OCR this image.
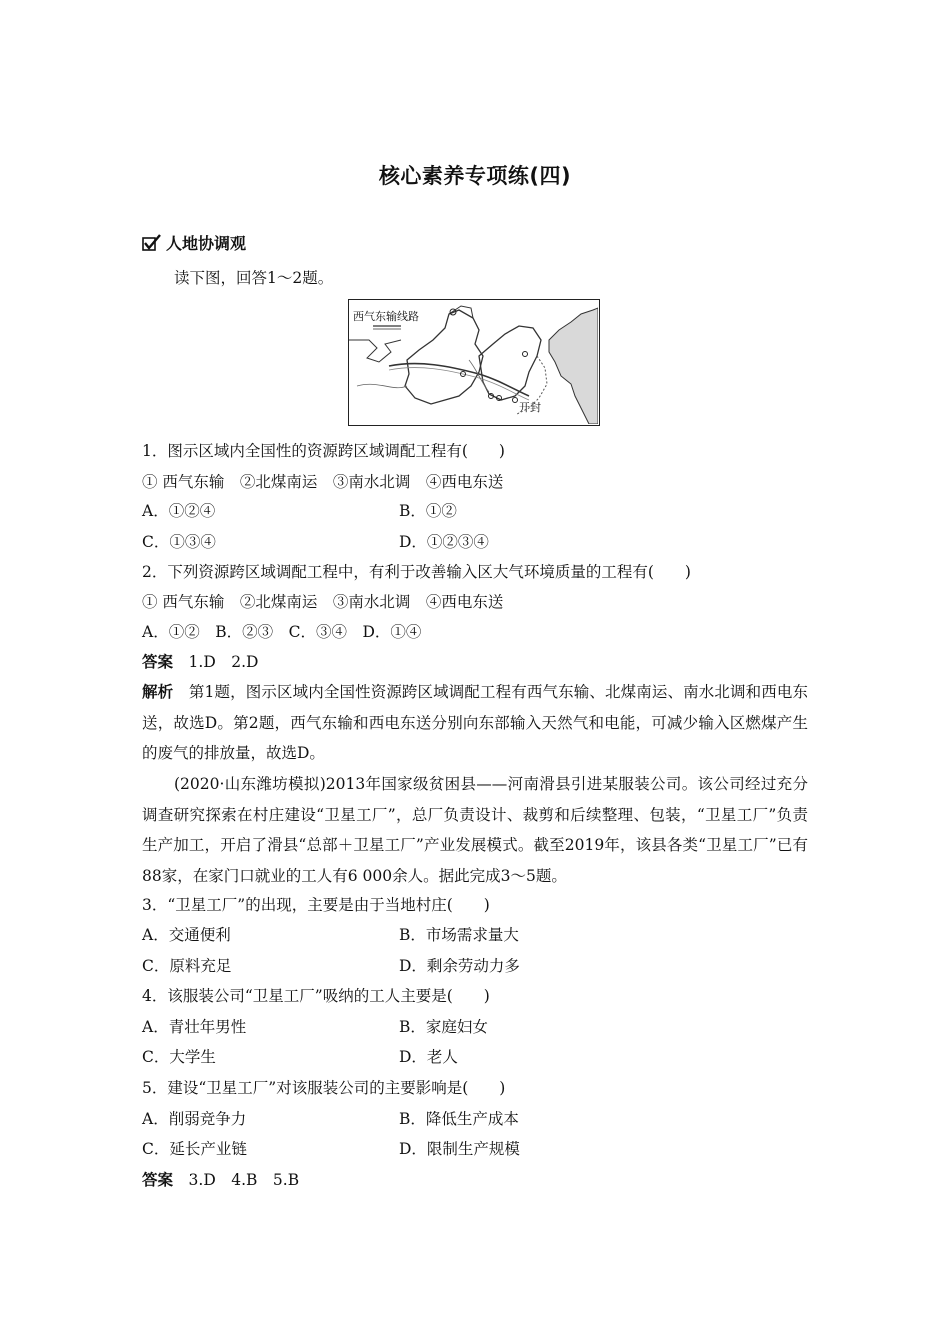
核心素养专项练(四)
人地协调观
读下图，回答1～2题。
西气东输线路
开封
1．图示区域内全国性的资源跨区域调配工程有(　　)
① 西气东输　②北煤南运　③南水北调　④西电东送
A．①②④	B．①②
C．①③④	D．①②③④
2．下列资源跨区域调配工程中，有利于改善输入区大气环境质量的工程有(　　)
① 西气东输　②北煤南运　③南水北调　④西电东送
A．①②　B．②③　C．③④　D．①④
答案　 1.D　2.D
解析　 第1题，图示区域内全国性资源跨区域调配工程有西气东输、北煤南运、南水北调和西电东送，故选D。第2题，西气东输和西电东送分别向东部输入天然气和电能，可减少输入区燃煤产生的废气的排放量，故选D。
(2020·山东潍坊模拟)2013年国家级贫困县——河南滑县引进某服装公司。该公司经过充分调查研究探索在村庄建设“卫星工厂”，总厂负责设计、裁剪和后续整理、包装，“卫星工厂”负责生产加工，开启了滑县“总部＋卫星工厂”产业发展模式。截至2019年，该县各类“卫星工厂”已有88家，在家门口就业的工人有6 000余人。据此完成3～5题。
3．“卫星工厂”的出现，主要是由于当地村庄(　　)
A．交通便利	B．市场需求量大
C．原料充足	D．剩余劳动力多
4．该服装公司“卫星工厂”吸纳的工人主要是(　　)
A．青壮年男性	B．家庭妇女
C．大学生	D．老人
5．建设“卫星工厂”对该服装公司的主要影响是(　　)
A．削弱竞争力	B．降低生产成本
C．延长产业链	D．限制生产规模
答案　 3.D　4.B　5.B
